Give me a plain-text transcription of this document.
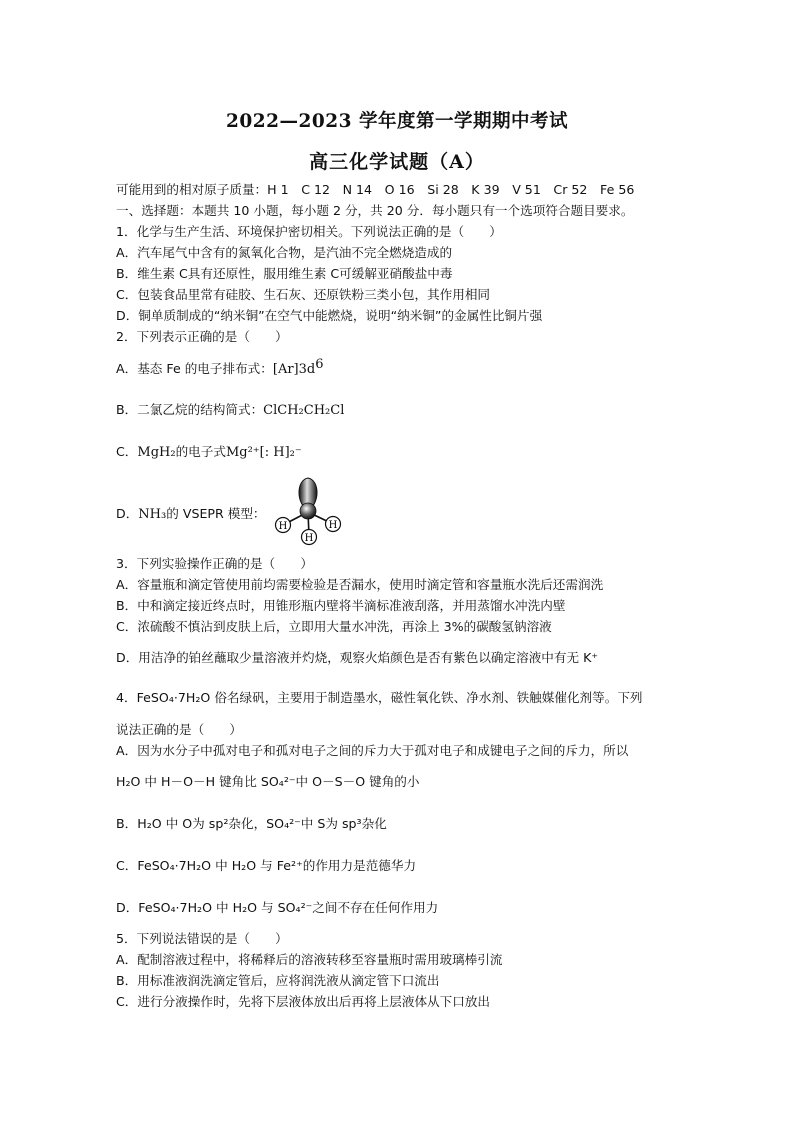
2022—2023 学年度第一学期期中考试
高三化学试题（A）

可能用到的相对原子质量：H 1　C 12　N 14　O 16　Si 28　K 39　V 51　Cr 52　Fe 56

一、选择题：本题共 10 小题，每小题 2 分，共 20 分．每小题只有一个选项符合题目要求。

1．化学与生产生活、环境保护密切相关。下列说法正确的是（　　）

A．汽车尾气中含有的氮氧化合物，是汽油不完全燃烧造成的

B．维生素 C具有还原性，服用维生素 C可缓解亚硝酸盐中毒

C．包装食品里常有硅胶、生石灰、还原铁粉三类小包，其作用相同

D．铜单质制成的“纳米铜”在空气中能燃烧，说明“纳米铜”的金属性比铜片强

2．下列表示正确的是（　　）

A．基态 Fe 的电子排布式：$[Ar]3d^6$

B．二氯乙烷的结构简式：ClCH₂CH₂Cl

C．MgH₂的电子式Mg²⁺[: H]₂⁻

D．NH₃的 VSEPR 模型：

H	H
H

3．下列实验操作正确的是（　　）

A．容量瓶和滴定管使用前均需要检验是否漏水，使用时滴定管和容量瓶水洗后还需润洗

B．中和滴定接近终点时，用锥形瓶内壁将半滴标准液刮落，并用蒸馏水冲洗内壁

C．浓硫酸不慎沾到皮肤上后，立即用大量水冲洗，再涂上 3%的碳酸氢钠溶液

D．用洁净的铂丝蘸取少量溶液并灼烧，观察火焰颜色是否有紫色以确定溶液中有无 K⁺

4．FeSO₄·7H₂O 俗名绿矾，主要用于制造墨水，磁性氧化铁、净水剂、铁触媒催化剂等。下列

说法正确的是（　　）

A．因为水分子中孤对电子和孤对电子之间的斥力大于孤对电子和成键电子之间的斥力，所以

H₂O 中 H－O－H 键角比 SO₄²⁻中 O－S－O 键角的小

B．H₂O 中 O为 sp²杂化，SO₄²⁻中 S为 sp³杂化

C．FeSO₄·7H₂O 中 H₂O 与 Fe²⁺的作用力是范德华力

D．FeSO₄·7H₂O 中 H₂O 与 SO₄²⁻之间不存在任何作用力

5．下列说法错误的是（　　）

A．配制溶液过程中，将稀释后的溶液转移至容量瓶时需用玻璃棒引流

B．用标准液润洗滴定管后，应将润洗液从滴定管下口流出

C．进行分液操作时，先将下层液体放出后再将上层液体从下口放出
